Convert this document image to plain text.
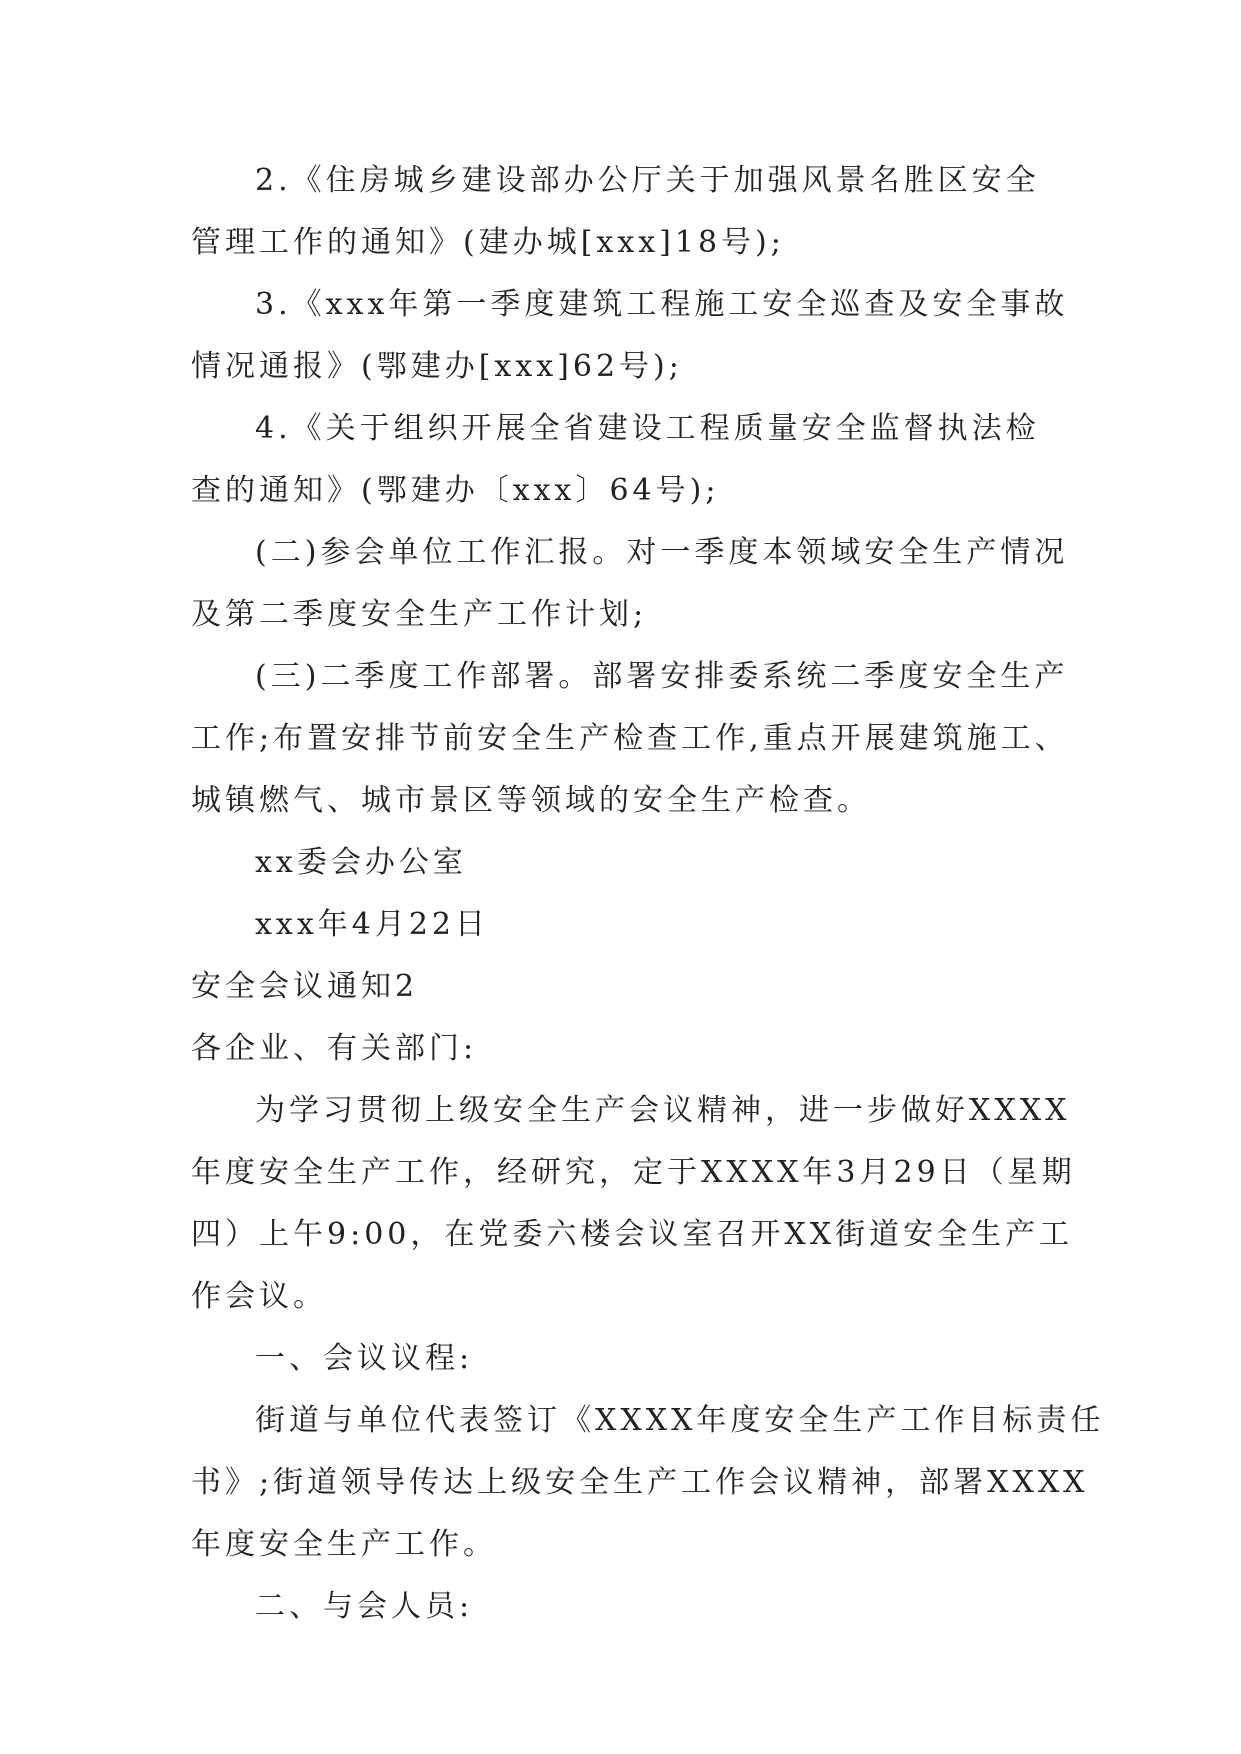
2.《住房城乡建设部办公厅关于加强风景名胜区安全
管理工作的通知》(建办城[xxx]18号);
3.《xxx年第一季度建筑工程施工安全巡查及安全事故
情况通报》(鄂建办[xxx]62号);
4.《关于组织开展全省建设工程质量安全监督执法检
查的通知》(鄂建办〔xxx〕64号);
(二)参会单位工作汇报。对一季度本领域安全生产情况
及第二季度安全生产工作计划;
(三)二季度工作部署。部署安排委系统二季度安全生产
工作;布置安排节前安全生产检查工作,重点开展建筑施工、
城镇燃气、城市景区等领域的安全生产检查。
xx委会办公室
xxx年4月22日
安全会议通知2
各企业、有关部门:
为学习贯彻上级安全生产会议精神，进一步做好XXXX
年度安全生产工作，经研究，定于XXXX年3月29日（星期
四）上午9:00，在党委六楼会议室召开XX街道安全生产工
作会议。
一、会议议程:
街道与单位代表签订《XXXX年度安全生产工作目标责任
书》;街道领导传达上级安全生产工作会议精神，部署XXXX
年度安全生产工作。
二、与会人员:
